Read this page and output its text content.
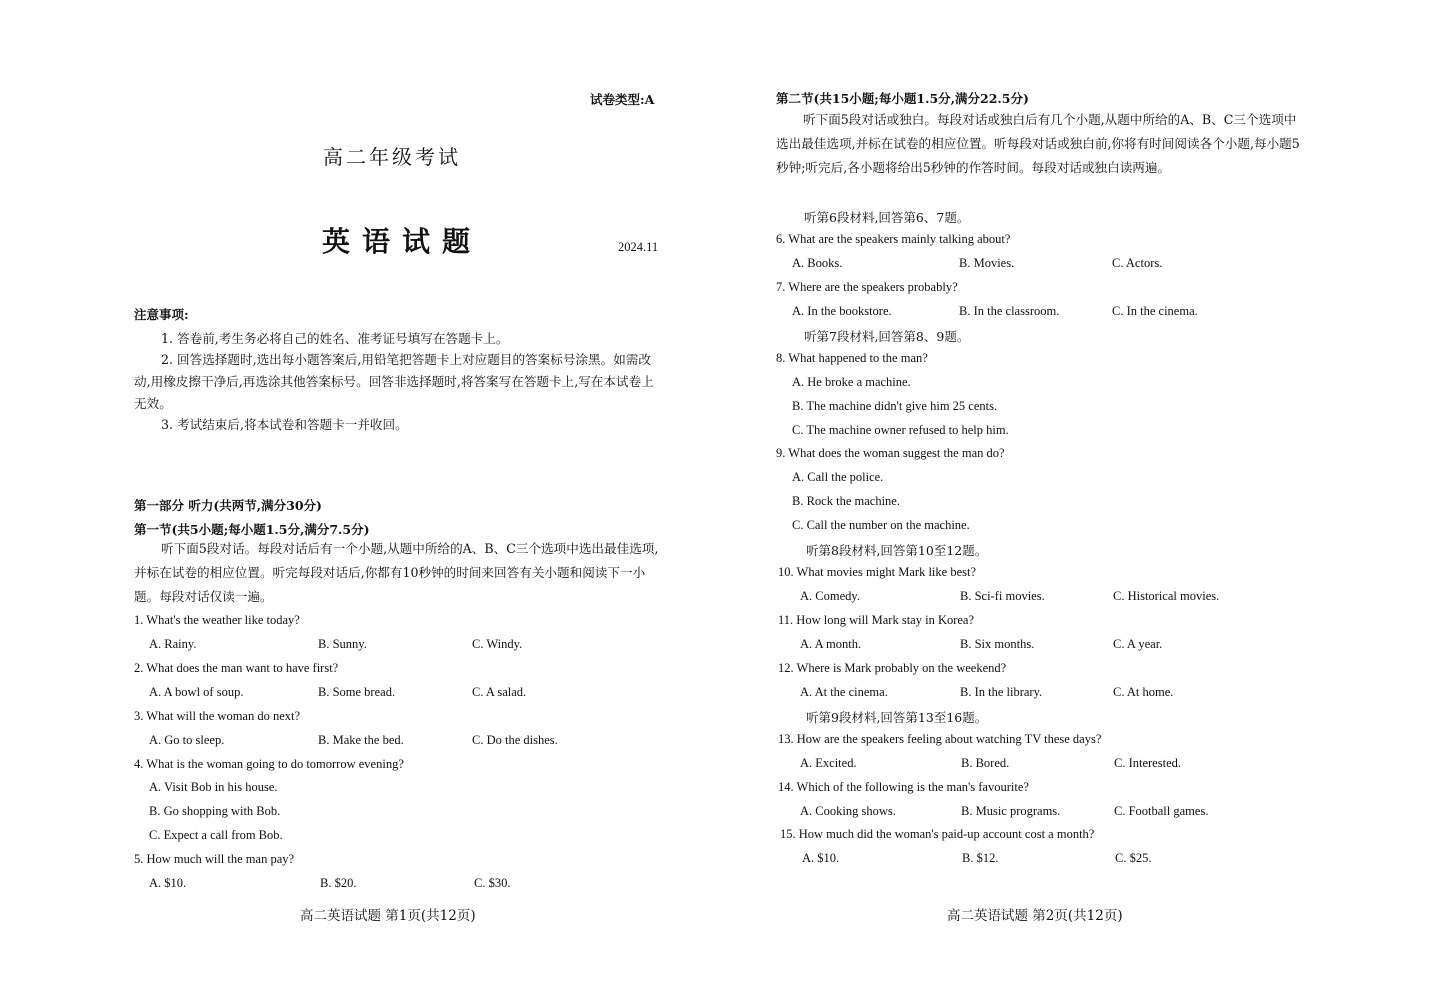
试卷类型:A
高二年级考试
英语试题	2024.11
注意事项:
1. 答卷前,考生务必将自己的姓名、准考证号填写在答题卡上。
2. 回答选择题时,选出每小题答案后,用铅笔把答题卡上对应题目的答案标号涂黑。如需改动,用橡皮擦干净后,再选涂其他答案标号。回答非选择题时,将答案写在答题卡上,写在本试卷上无效。
3. 考试结束后,将本试卷和答题卡一并收回。
第一部分 听力(共两节,满分30分)
第一节(共5小题;每小题1.5分,满分7.5分)
听下面5段对话。每段对话后有一个小题,从题中所给的A、B、C三个选项中选出最佳选项,并标在试卷的相应位置。听完每段对话后,你都有10秒钟的时间来回答有关小题和阅读下一小题。每段对话仅读一遍。
1. What's the weather like today?
A. Rainy.	B. Sunny.	C. Windy.
2. What does the man want to have first?
A. A bowl of soup.	B. Some bread.	C. A salad.
3. What will the woman do next?
A. Go to sleep.	B. Make the bed.	C. Do the dishes.
4. What is the woman going to do tomorrow evening?
A. Visit Bob in his house.
B. Go shopping with Bob.
C. Expect a call from Bob.
5. How much will the man pay?
A. $10.	B. $20.	C. $30.
高二英语试题 第1页(共12页)
第二节(共15小题;每小题1.5分,满分22.5分)
听下面5段对话或独白。每段对话或独白后有几个小题,从题中所给的A、B、C三个选项中选出最佳选项,并标在试卷的相应位置。听每段对话或独白前,你将有时间阅读各个小题,每小题5秒钟;听完后,各小题将给出5秒钟的作答时间。每段对话或独白读两遍。
听第6段材料,回答第6、7题。
6. What are the speakers mainly talking about?
A. Books.	B. Movies.	C. Actors.
7. Where are the speakers probably?
A. In the bookstore.	B. In the classroom.	C. In the cinema.
听第7段材料,回答第8、9题。
8. What happened to the man?
A. He broke a machine.
B. The machine didn't give him 25 cents.
C. The machine owner refused to help him.
9. What does the woman suggest the man do?
A. Call the police.
B. Rock the machine.
C. Call the number on the machine.
听第8段材料,回答第10至12题。
10. What movies might Mark like best?
A. Comedy.	B. Sci-fi movies.	C. Historical movies.
11. How long will Mark stay in Korea?
A. A month.	B. Six months.	C. A year.
12. Where is Mark probably on the weekend?
A. At the cinema.	B. In the library.	C. At home.
听第9段材料,回答第13至16题。
13. How are the speakers feeling about watching TV these days?
A. Excited.	B. Bored.	C. Interested.
14. Which of the following is the man's favourite?
A. Cooking shows.	B. Music programs.	C. Football games.
15. How much did the woman's paid-up account cost a month?
A. $10.	B. $12.	C. $25.
高二英语试题 第2页(共12页)
